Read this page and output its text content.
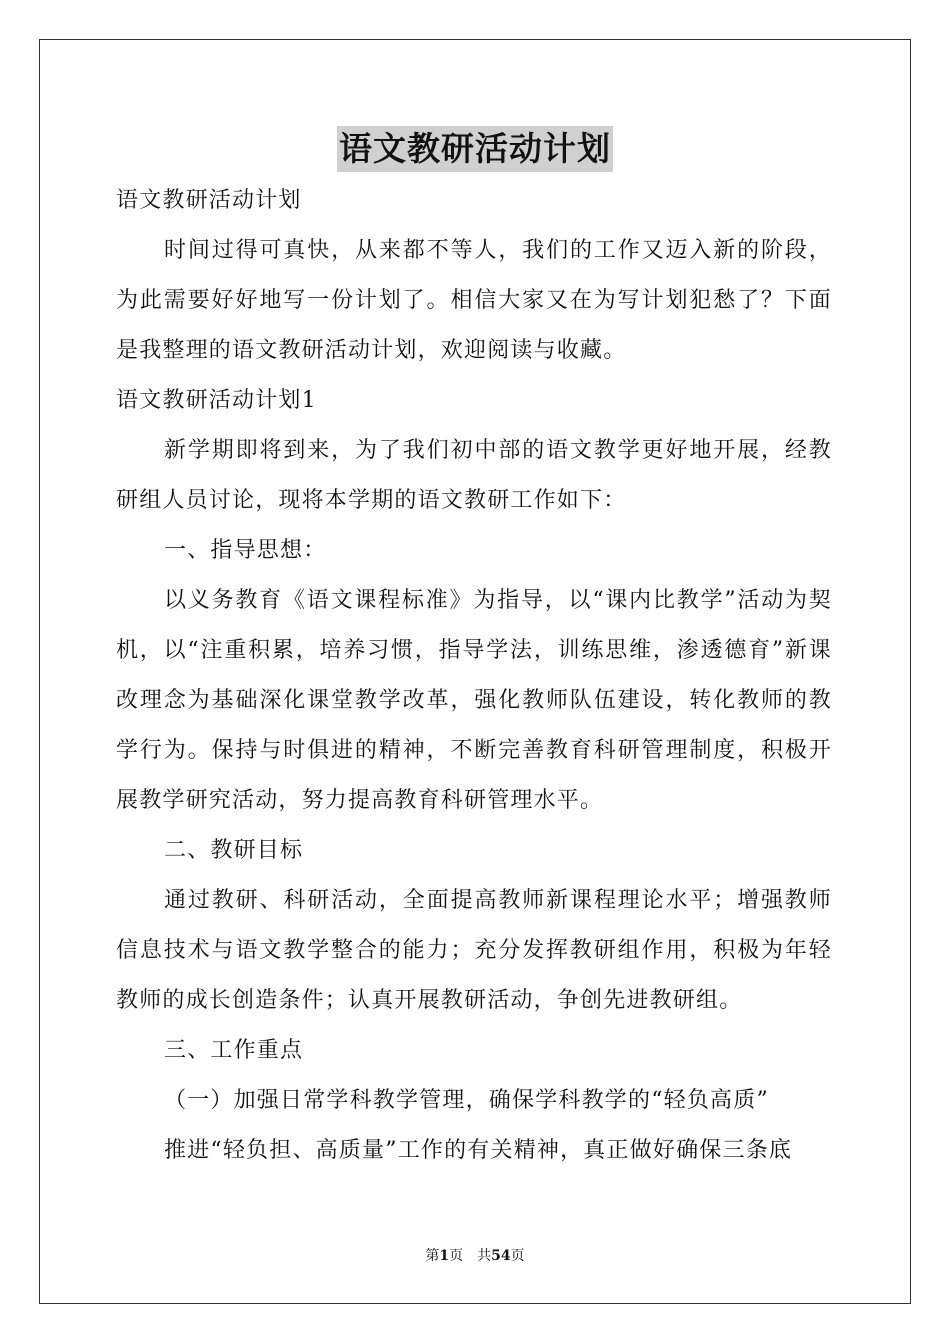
语文教研活动计划

语文教研活动计划

时间过得可真快，从来都不等人，我们的工作又迈入新的阶段，为此需要好好地写一份计划了。相信大家又在为写计划犯愁了？下面是我整理的语文教研活动计划，欢迎阅读与收藏。

语文教研活动计划1

新学期即将到来，为了我们初中部的语文教学更好地开展，经教研组人员讨论，现将本学期的语文教研工作如下：

一、指导思想：

以义务教育《语文课程标准》为指导，以“课内比教学”活动为契机，以“注重积累，培养习惯，指导学法，训练思维，渗透德育”新课改理念为基础深化课堂教学改革，强化教师队伍建设，转化教师的教学行为。保持与时俱进的精神，不断完善教育科研管理制度，积极开展教学研究活动，努力提高教育科研管理水平。

二、教研目标

通过教研、科研活动，全面提高教师新课程理论水平；增强教师信息技术与语文教学整合的能力；充分发挥教研组作用，积极为年轻教师的成长创造条件；认真开展教研活动，争创先进教研组。

三、工作重点

（一）加强日常学科教学管理，确保学科教学的“轻负高质”

推进“轻负担、高质量”工作的有关精神，真正做好确保三条底

第1页 共54页
